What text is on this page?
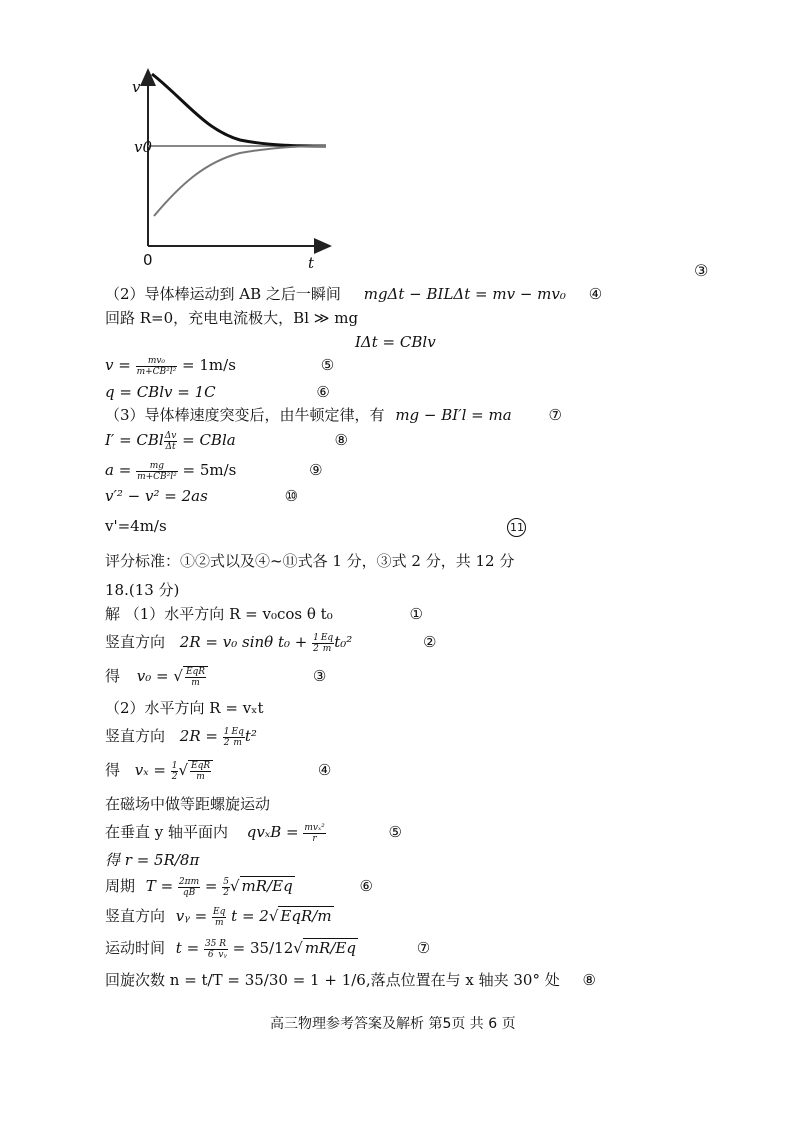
v
v0
0	t	③
（2）导体棒运动到 AB 之后一瞬间 mgΔt − BILΔt = mv − mv₀ ④
回路 R=0，充电电流极大，Bl ≫ mg
IΔt = CBlv
$v = \frac{\text{mv₀}}{\text{m+CB²l²}} = 1m/s$	⑤
q = CBlv = 1C	⑥
（3）导体棒速度突变后，由牛顿定律，有 mg − BI′l = ma ⑦
I′ = CBl $\frac{\Delta v}{\Delta t}$ = CBla	⑧
$a = \frac{mg}{\text{m+CB²l²}} = 5m/s$	⑨
v′² − v² = 2as	⑩
v'=4m/s	11
评分标准：①②式以及④~⑪式各 1 分，③式 2 分，共 12 分
18.(13 分)
解 （1）水平方向 R = v₀cos θ t₀	①
竖直方向 2R = v₀ sinθ $t_0 + \frac{1}{2} \frac{Eq}{m} t_0^2$	②
得 v₀ = √ $\frac{\text{EqR}}{m}$	③
（2）水平方向 R = vₓt
竖直方向 $2R = \frac{1}{2} \frac{Eq}{m} t^2$
得 $v_x = \frac{1}{2}$ √ $\frac{\text{EqR}}{m}$	④
在磁场中做等距螺旋运动
在垂直 y 轴平面内 $qv_xB = \frac{\text{mvₓ²}}{r}$	⑤
得 r = 5R/8π
周期 $T = \frac{2\pi m}{qB} = \frac{5}{2}$ √ mR/Eq	⑥
竖直方向 vᵧ = $\frac{Eq}{m}$ t = 2√ EqR/m
运动时间 $t = \frac{35}{6} \frac{R}{\text{vᵧ}} = 35/12√$ mR/Eq	⑦
回旋次数 n = t/T = 35/30 = 1 + 1/6,落点位置在与 x 轴夹 30° 处 ⑧
高三物理参考答案及解析 第5页 共 6 页
